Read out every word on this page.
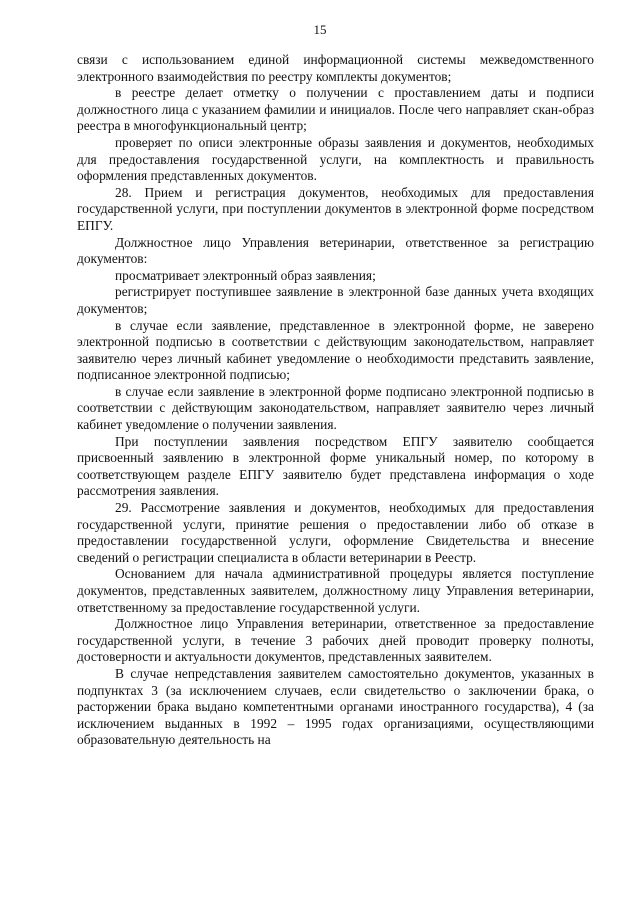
15

связи с использованием единой информационной системы межведомственного электронного взаимодействия по реестру комплекты документов;

в реестре делает отметку о получении с проставлением даты и подписи должностного лица с указанием фамилии и инициалов. После чего направляет скан-образ реестра в многофункциональный центр;

проверяет по описи электронные образы заявления и документов, необходимых для предоставления государственной услуги, на комплектность и правильность оформления представленных документов.

28. Прием и регистрация документов, необходимых для предоставления государственной услуги, при поступлении документов в электронной форме посредством ЕПГУ.

Должностное лицо Управления ветеринарии, ответственное за регистрацию документов:

просматривает электронный образ заявления;

регистрирует поступившее заявление в электронной базе данных учета входящих документов;

в случае если заявление, представленное в электронной форме, не заверено электронной подписью в соответствии с действующим законодательством, направляет заявителю через личный кабинет уведомление о необходимости представить заявление, подписанное электронной подписью;

в случае если заявление в электронной форме подписано электронной подписью в соответствии с действующим законодательством, направляет заявителю через личный кабинет уведомление о получении заявления.

При поступлении заявления посредством ЕПГУ заявителю сообщается присвоенный заявлению в электронной форме уникальный номер, по которому в соответствующем разделе ЕПГУ заявителю будет представлена информация о ходе рассмотрения заявления.

29. Рассмотрение заявления и документов, необходимых для предоставления государственной услуги, принятие решения о предоставлении либо об отказе в предоставлении государственной услуги, оформление Свидетельства и внесение сведений о регистрации специалиста в области ветеринарии в Реестр.

Основанием для начала административной процедуры является поступление документов, представленных заявителем, должностному лицу Управления ветеринарии, ответственному за предоставление государственной услуги.

Должностное лицо Управления ветеринарии, ответственное за предоставление государственной услуги, в течение 3 рабочих дней проводит проверку полноты, достоверности и актуальности документов, представленных заявителем.

В случае непредставления заявителем самостоятельно документов, указанных в подпунктах 3 (за исключением случаев, если свидетельство о заключении брака, о расторжении брака выдано компетентными органами иностранного государства), 4 (за исключением выданных в 1992 – 1995 годах организациями, осуществляющими образовательную деятельность на
